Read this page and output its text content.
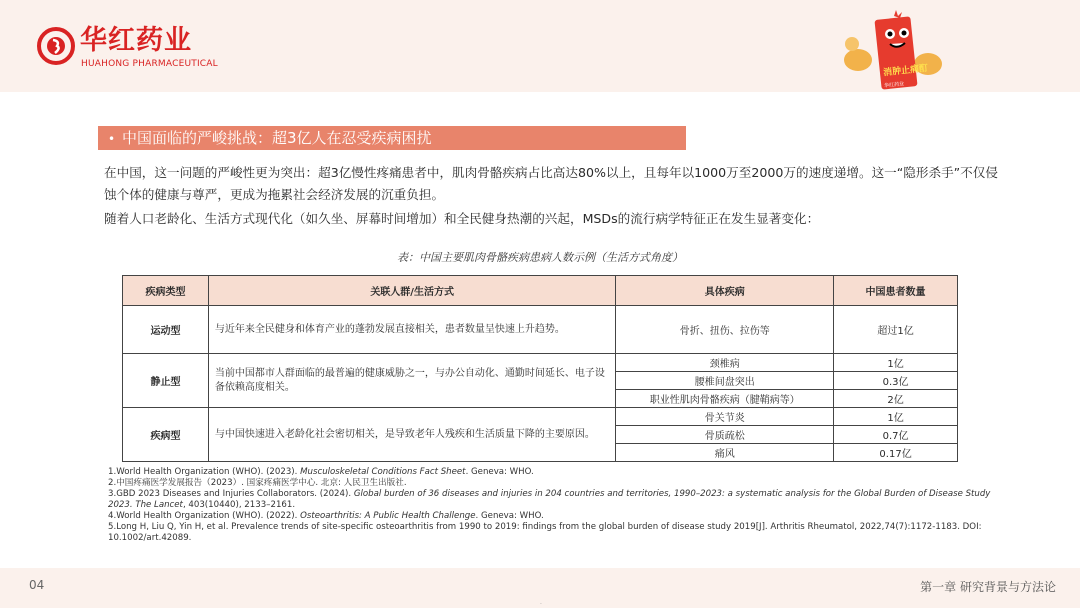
华红药业
HUAHONG PHARMACEUTICAL	消肿止痛酊
华红药业
• 中国面临的严峻挑战：超3亿人在忍受疾病困扰
在中国，这一问题的严峻性更为突出：超3亿慢性疼痛患者中，肌肉骨骼疾病占比高达80%以上，且每年以1000万至2000万的速度递增。这一“隐形杀手”不仅侵
蚀个体的健康与尊严，更成为拖累社会经济发展的沉重负担。
随着人口老龄化、生活方式现代化（如久坐、屏幕时间增加）和全民健身热潮的兴起，MSDs的流行病学特征正在发生显著变化：
表：中国主要肌肉骨骼疾病患病人数示例（生活方式角度）
疾病类型	关联人群/生活方式	具体疾病	中国患者数量
运动型	与近年来全民健身和体育产业的蓬勃发展直接相关，患者数量呈快速上升趋势。	骨折、扭伤、拉伤等	超过1亿
静止型	当前中国都市人群面临的最普遍的健康威胁之一，与办公自动化、通勤时间延长、电子设备依赖高度相关。	颈椎病	1亿
		腰椎间盘突出	0.3亿
		职业性肌肉骨骼疾病（腱鞘病等）	2亿
疾病型	与中国快速进入老龄化社会密切相关，是导致老年人残疾和生活质量下降的主要原因。	骨关节炎	1亿
		骨质疏松	0.7亿
		痛风	0.17亿
1.World Health Organization (WHO). (2023). Musculoskeletal Conditions Fact Sheet. Geneva: WHO.
2.中国疼痛医学发展报告（2023）. 国家疼痛医学中心. 北京: 人民卫生出版社.
3.GBD 2023 Diseases and Injuries Collaborators. (2024). Global burden of 36 diseases and injuries in 204 countries and territories, 1990–2023: a systematic analysis for the Global Burden of Disease Study
2023. The Lancet, 403(10440), 2133–2161.
4.World Health Organization (WHO). (2022). Osteoarthritis: A Public Health Challenge. Geneva: WHO.
5.Long H, Liu Q, Yin H, et al. Prevalence trends of site-specific osteoarthritis from 1990 to 2019: findings from the global burden of disease study 2019[J]. Arthritis Rheumatol, 2022,74(7):1172-1183. DOI:
10.1002/art.42089.
04
·
第一章 研究背景与方法论
